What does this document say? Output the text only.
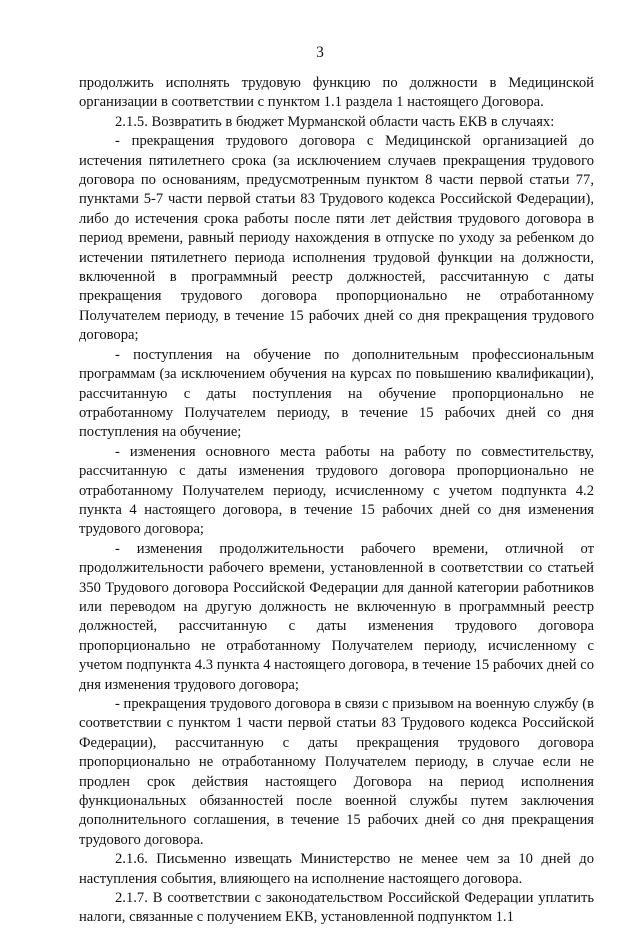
3

продолжить исполнять трудовую функцию по должности в Медицинской организации в соответствии с пунктом 1.1 раздела 1 настоящего Договора.

2.1.5. Возвратить в бюджет Мурманской области часть ЕКВ в случаях:

- прекращения трудового договора с Медицинской организацией до истечения пятилетнего срока (за исключением случаев прекращения трудового договора по основаниям, предусмотренным пунктом 8 части первой статьи 77, пунктами 5-7 части первой статьи 83 Трудового кодекса Российской Федерации), либо до истечения срока работы после пяти лет действия трудового договора в период времени, равный периоду нахождения в отпуске по уходу за ребенком до истечении пятилетнего периода исполнения трудовой функции на должности, включенной в программный реестр должностей, рассчитанную с даты прекращения трудового договора пропорционально не отработанному Получателем периоду, в течение 15 рабочих дней со дня прекращения трудового договора;

- поступления на обучение по дополнительным профессиональным программам (за исключением обучения на курсах по повышению квалификации), рассчитанную с даты поступления на обучение пропорционально не отработанному Получателем периоду, в течение 15 рабочих дней со дня поступления на обучение;

- изменения основного места работы на работу по совместительству, рассчитанную с даты изменения трудового договора пропорционально не отработанному Получателем периоду, исчисленному с учетом подпункта 4.2 пункта 4 настоящего договора, в течение 15 рабочих дней со дня изменения трудового договора;

- изменения продолжительности рабочего времени, отличной от продолжительности рабочего времени, установленной в соответствии со статьей 350 Трудового договора Российской Федерации для данной категории работников или переводом на другую должность не включенную в программный реестр должностей, рассчитанную с даты изменения трудового договора пропорционально не отработанному Получателем периоду, исчисленному с учетом подпункта 4.3 пункта 4 настоящего договора, в течение 15 рабочих дней со дня изменения трудового договора;

- прекращения трудового договора в связи с призывом на военную службу (в соответствии с пунктом 1 части первой статьи 83 Трудового кодекса Российской Федерации), рассчитанную с даты прекращения трудового договора пропорционально не отработанному Получателем периоду, в случае если не продлен срок действия настоящего Договора на период исполнения функциональных обязанностей после военной службы путем заключения дополнительного соглашения, в течение 15 рабочих дней со дня прекращения трудового договора.

2.1.6. Письменно извещать Министерство не менее чем за 10 дней до наступления события, влияющего на исполнение настоящего договора.

2.1.7. В соответствии с законодательством Российской Федерации уплатить налоги, связанные с получением ЕКВ, установленной подпунктом 1.1
